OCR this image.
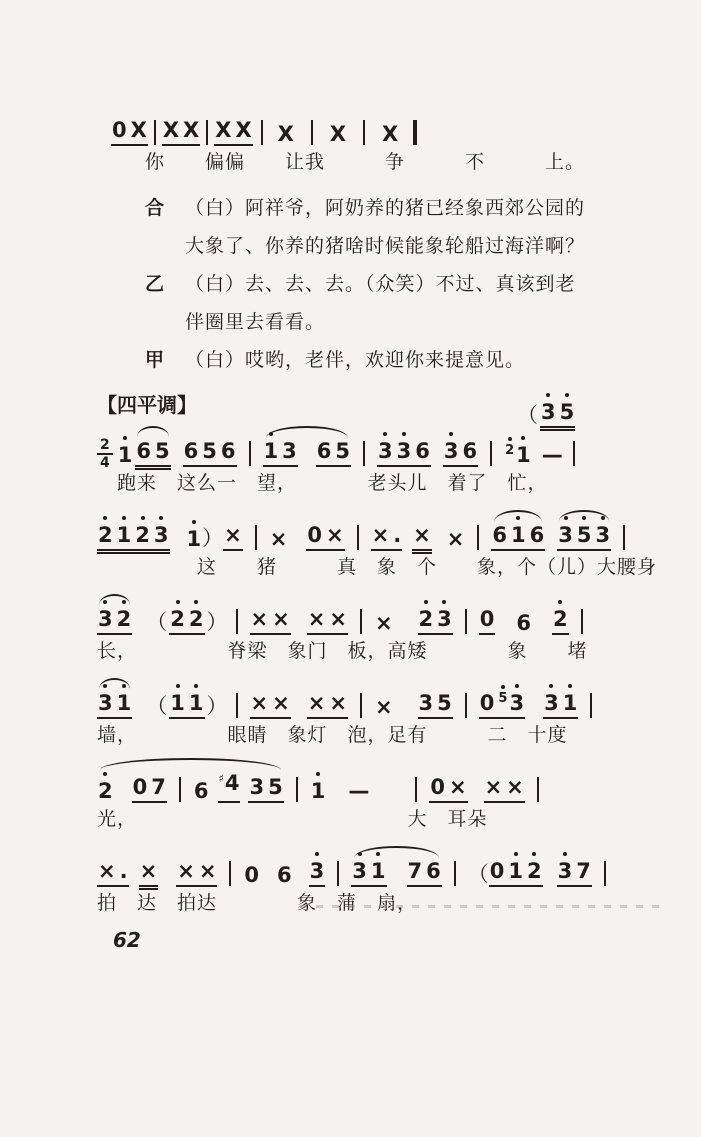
0 X X X X X X X X
　你　　偏偏　　让我　　　争　　　不　　　上。
合	（白）阿祥爷，阿奶养的猪已经象西郊公园的
大象了、你养的猪啥时候能象轮船过海洋啊？
乙	（白）去、去、去。（众笑）不过、真该到老
伴圈里去看看。
甲	（白）哎哟，老伴，欢迎你来提意见。
【四平调】	（ 3 5
2
4 1 6 5 6 5 6 1 3 6 5 3 3 6 3 6 2 1 —
　跑来　这么一　望，　　　　老头儿　着了　忙，
2 1 2 3 1 ） × × 0 × × . × × 6 1 6 3 5 3
　　　　　这　　猪　　　真　象　个　　象，个（儿）大腰身
3 2 （ 2 2 ） × × × × × 2 3 0 6 2
长，　　　　　脊梁　象门　板，高矮　　　　象　　堵
3 1 （ 1 1 ） × × × × × 3 5 0 5 3 3 1
墙，　　　　　眼睛　象灯　泡，足有　　　二　十度
2 0 7 6
♯4 3 5 1 —	0 × × ×
光，　　　　　　　　　　　　　　大　耳朵
× . × × × 0 6 3 3 1 7 6 （ 0 1 2 3 7
拍　达　拍达　　　　象　蒲　扇，
62
